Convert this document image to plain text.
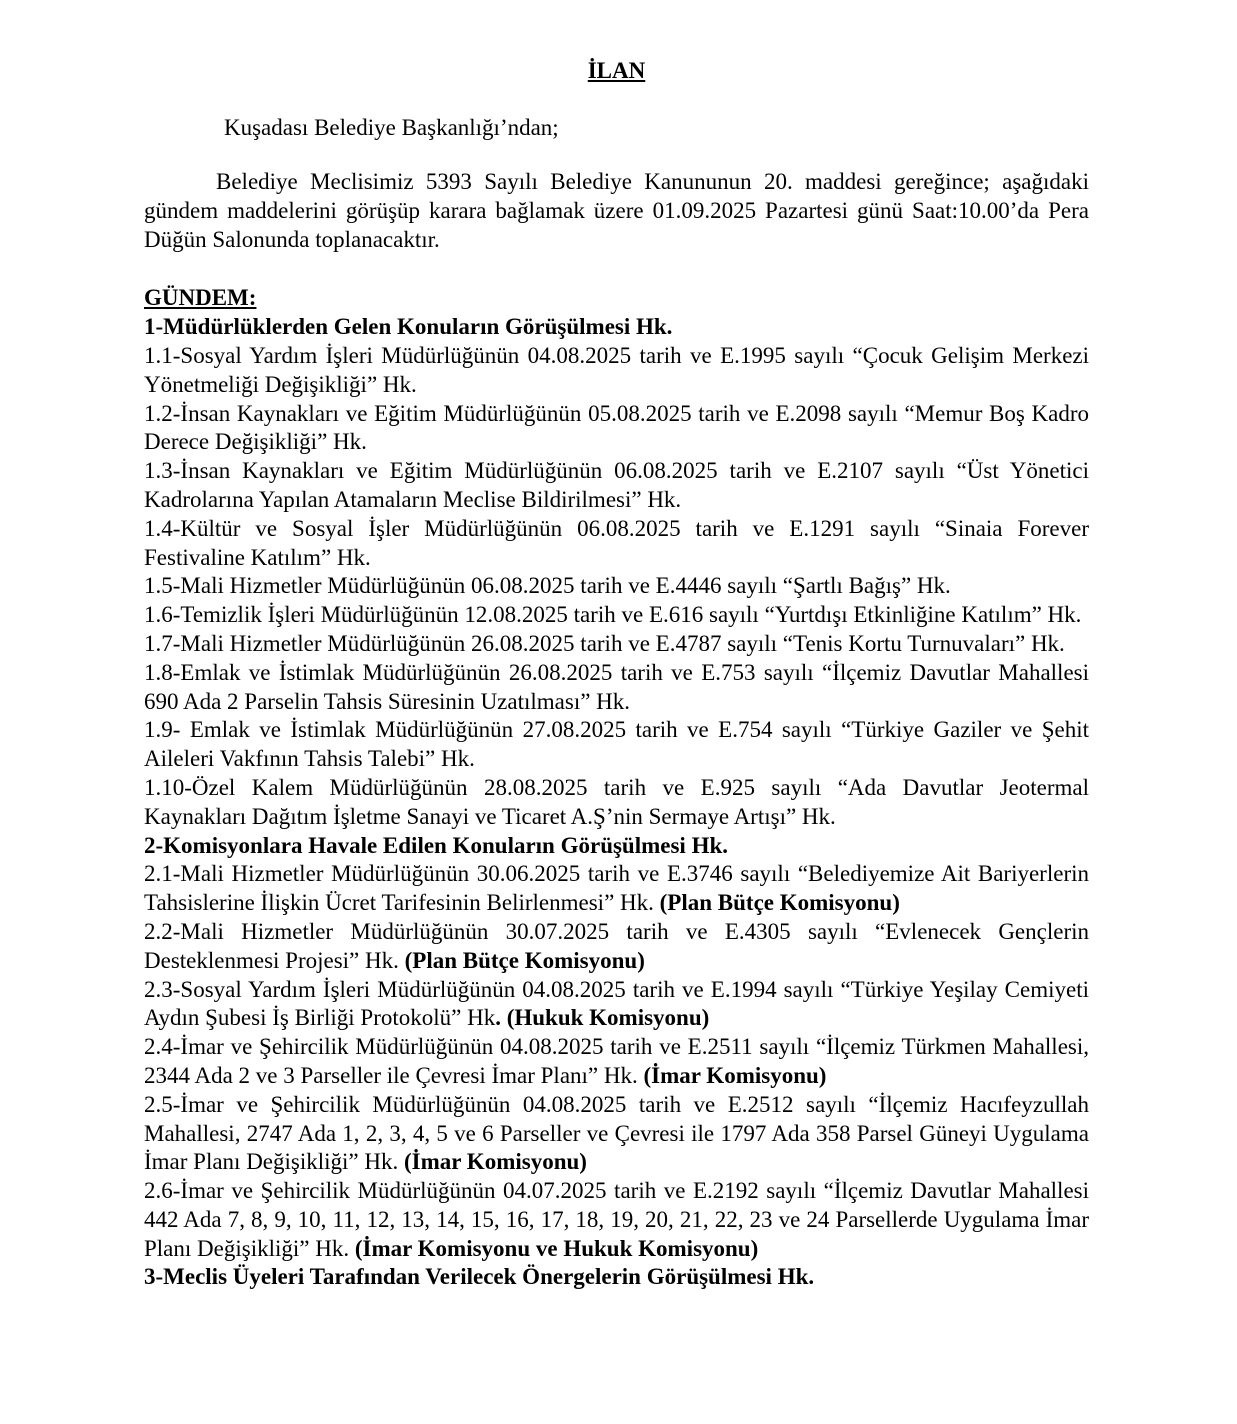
İLAN

Kuşadası Belediye Başkanlığı’ndan;

Belediye Meclisimiz 5393 Sayılı Belediye Kanununun 20. maddesi gereğince; aşağıdaki gündem maddelerini görüşüp karara bağlamak üzere 01.09.2025 Pazartesi günü Saat:10.00’da Pera Düğün Salonunda toplanacaktır.

GÜNDEM:

1-Müdürlüklerden Gelen Konuların Görüşülmesi Hk.

1.1-Sosyal Yardım İşleri Müdürlüğünün 04.08.2025 tarih ve E.1995 sayılı “Çocuk Gelişim Merkezi Yönetmeliği Değişikliği” Hk.

1.2-İnsan Kaynakları ve Eğitim Müdürlüğünün 05.08.2025 tarih ve E.2098 sayılı “Memur Boş Kadro Derece Değişikliği” Hk.

1.3-İnsan Kaynakları ve Eğitim Müdürlüğünün 06.08.2025 tarih ve E.2107 sayılı “Üst Yönetici Kadrolarına Yapılan Atamaların Meclise Bildirilmesi” Hk.

1.4-Kültür ve Sosyal İşler Müdürlüğünün 06.08.2025 tarih ve E.1291 sayılı “Sinaia Forever Festivaline Katılım” Hk.

1.5-Mali Hizmetler Müdürlüğünün 06.08.2025 tarih ve E.4446 sayılı “Şartlı Bağış” Hk.

1.6-Temizlik İşleri Müdürlüğünün 12.08.2025 tarih ve E.616 sayılı “Yurtdışı Etkinliğine Katılım” Hk.

1.7-Mali Hizmetler Müdürlüğünün 26.08.2025 tarih ve E.4787 sayılı “Tenis Kortu Turnuvaları” Hk.

1.8-Emlak ve İstimlak Müdürlüğünün 26.08.2025 tarih ve E.753 sayılı “İlçemiz Davutlar Mahallesi 690 Ada 2 Parselin Tahsis Süresinin Uzatılması” Hk.

1.9- Emlak ve İstimlak Müdürlüğünün 27.08.2025 tarih ve E.754 sayılı “Türkiye Gaziler ve Şehit Aileleri Vakfının Tahsis Talebi” Hk.

1.10-Özel Kalem Müdürlüğünün 28.08.2025 tarih ve E.925 sayılı “Ada Davutlar Jeotermal Kaynakları Dağıtım İşletme Sanayi ve Ticaret A.Ş’nin Sermaye Artışı” Hk.

2-Komisyonlara Havale Edilen Konuların Görüşülmesi Hk.

2.1-Mali Hizmetler Müdürlüğünün 30.06.2025 tarih ve E.3746 sayılı “Belediyemize Ait Bariyerlerin Tahsislerine İlişkin Ücret Tarifesinin Belirlenmesi” Hk. (Plan Bütçe Komisyonu)

2.2-Mali Hizmetler Müdürlüğünün 30.07.2025 tarih ve E.4305 sayılı “Evlenecek Gençlerin Desteklenmesi Projesi” Hk. (Plan Bütçe Komisyonu)

2.3-Sosyal Yardım İşleri Müdürlüğünün 04.08.2025 tarih ve E.1994 sayılı “Türkiye Yeşilay Cemiyeti Aydın Şubesi İş Birliği Protokolü” Hk. (Hukuk Komisyonu)

2.4-İmar ve Şehircilik Müdürlüğünün 04.08.2025 tarih ve E.2511 sayılı “İlçemiz Türkmen Mahallesi, 2344 Ada 2 ve 3 Parseller ile Çevresi İmar Planı” Hk. (İmar Komisyonu)

2.5-İmar ve Şehircilik Müdürlüğünün 04.08.2025 tarih ve E.2512 sayılı “İlçemiz Hacıfeyzullah Mahallesi, 2747 Ada 1, 2, 3, 4, 5 ve 6 Parseller ve Çevresi ile 1797 Ada 358 Parsel Güneyi Uygulama İmar Planı Değişikliği” Hk. (İmar Komisyonu)

2.6-İmar ve Şehircilik Müdürlüğünün 04.07.2025 tarih ve E.2192 sayılı “İlçemiz Davutlar Mahallesi 442 Ada 7, 8, 9, 10, 11, 12, 13, 14, 15, 16, 17, 18, 19, 20, 21, 22, 23 ve 24 Parsellerde Uygulama İmar Planı Değişikliği” Hk. (İmar Komisyonu ve Hukuk Komisyonu)

3-Meclis Üyeleri Tarafından Verilecek Önergelerin Görüşülmesi Hk.
